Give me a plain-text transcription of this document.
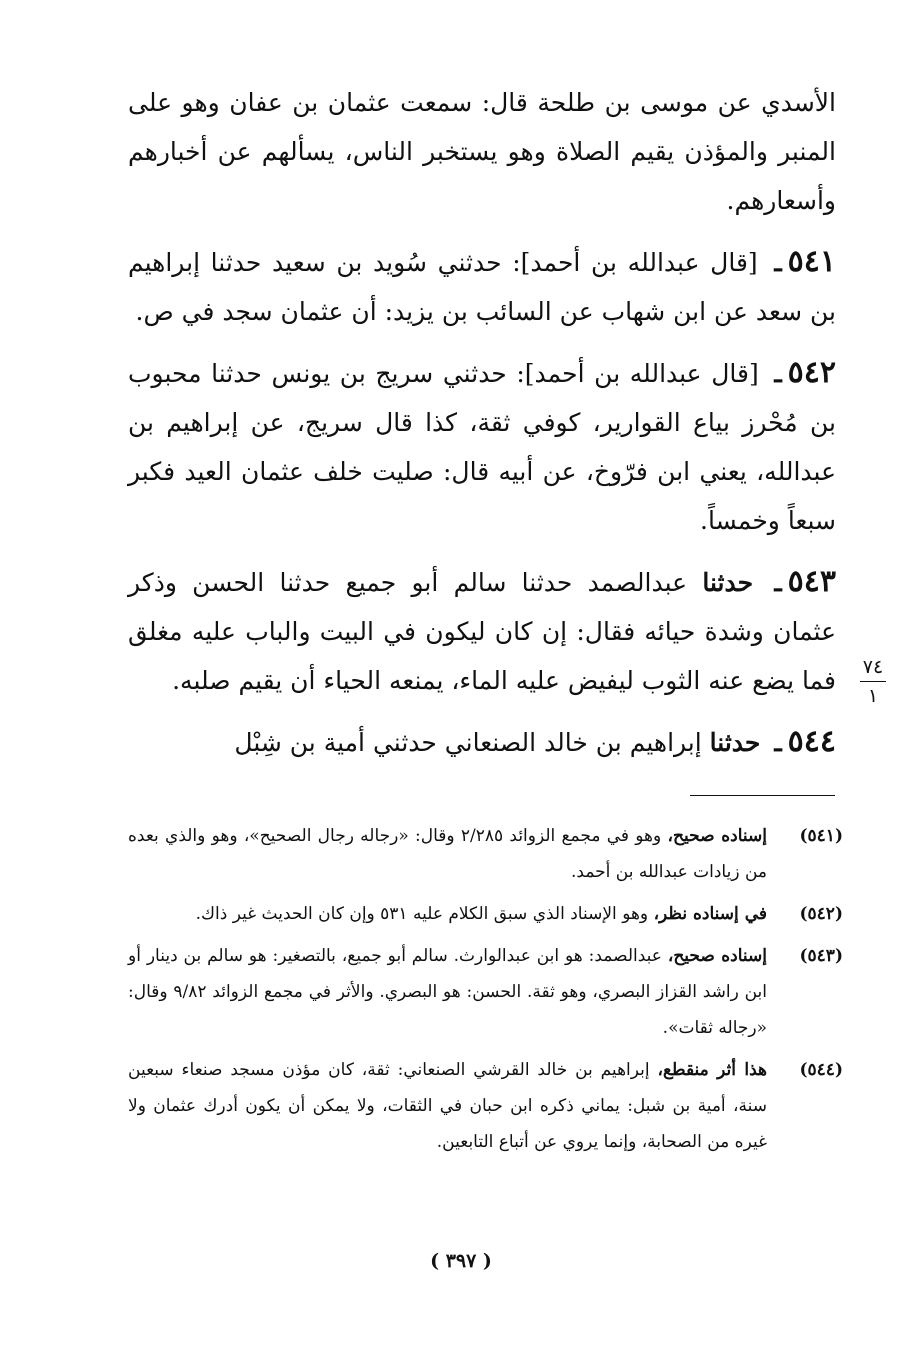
الأسدي عن موسى بن طلحة قال: سمعت عثمان بن عفان وهو على المنبر والمؤذن يقيم الصلاة وهو يستخبر الناس، يسألهم عن أخبارهم وأسعارهم.

٥٤١ـ [قال عبدالله بن أحمد]: حدثني سُويد بن سعيد حدثنا إبراهيم بن سعد عن ابن شهاب عن السائب بن يزيد: أن عثمان سجد في ص.

٥٤٢ـ [قال عبدالله بن أحمد]: حدثني سريج بن يونس حدثنا محبوب بن مُحْرز بياع القوارير، كوفي ثقة، كذا قال سريج، عن إبراهيم بن عبدالله، يعني ابن فرّوخ، عن أبيه قال: صليت خلف عثمان العيد فكبر سبعاً وخمساً.

٥٤٣ـ حدثنا عبدالصمد حدثنا سالم أبو جميع حدثنا الحسن وذكر عثمان وشدة حيائه فقال: إن كان ليكون في البيت والباب عليه مغلق فما يضع عنه الثوب ليفيض عليه الماء، يمنعه الحياء أن يقيم صلبه.

٥٤٤ـ حدثنا إبراهيم بن خالد الصنعاني حدثني أمية بن شِبْل

٧٤
١

(٥٤١)
إسناده صحيح، وهو في مجمع الزوائد ٢/٢٨٥ وقال: «رجاله رجال الصحيح»، وهو والذي بعده من زيادات عبدالله بن أحمد.

(٥٤٢)
في إسناده نظر، وهو الإسناد الذي سبق الكلام عليه ٥٣١ وإن كان الحديث غير ذاك.

(٥٤٣)
إسناده صحيح، عبدالصمد: هو ابن عبدالوارث. سالم أبو جميع، بالتصغير: هو سالم بن دينار أو ابن راشد القزاز البصري، وهو ثقة. الحسن: هو البصري. والأثر في مجمع الزوائد ٩/٨٢ وقال: «رجاله ثقات».

(٥٤٤)
هذا أثر منقطع، إبراهيم بن خالد القرشي الصنعاني: ثقة، كان مؤذن مسجد صنعاء سبعين سنة، أمية بن شبل: يماني ذكره ابن حبان في الثقات، ولا يمكن أن يكون أدرك عثمان ولا غيره من الصحابة، وإنما يروي عن أتباع التابعين.

( ٣٩٧ )
